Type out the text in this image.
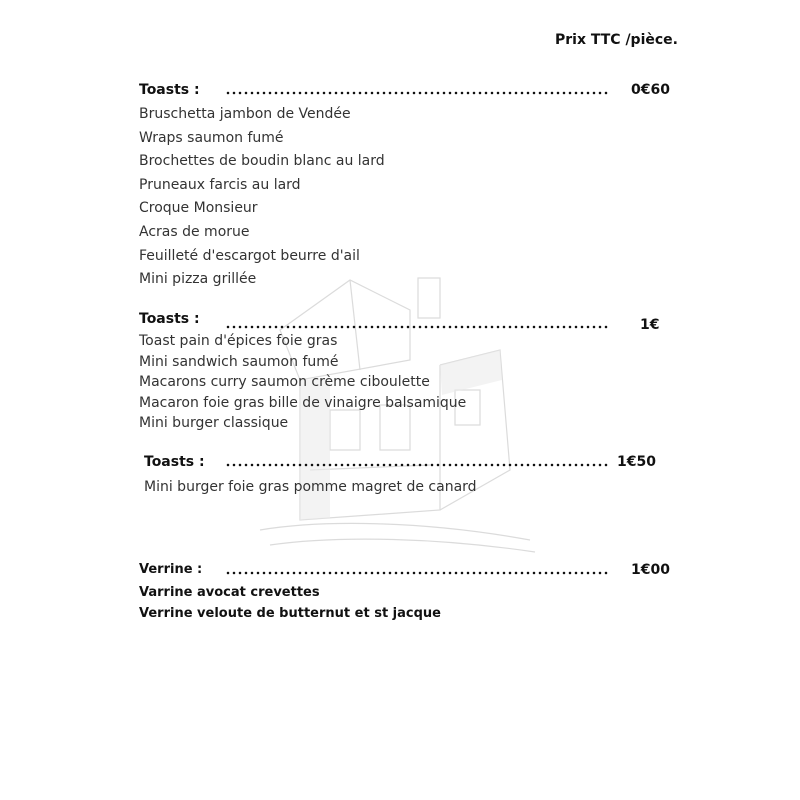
Prix TTC /pièce.
Toasts :	0€60
Bruschetta jambon de Vendée
Wraps saumon fumé
Brochettes de boudin blanc au lard
Pruneaux farcis au lard
Croque Monsieur
Acras de morue
Feuilleté d'escargot beurre d'ail
Mini pizza grillée
Toasts :	1€
Toast pain d'épices foie gras
Mini sandwich saumon fumé
Macarons curry saumon crème ciboulette
Macaron foie gras bille de vinaigre balsamique
Mini burger classique
Toasts :	1€50
Mini burger foie gras pomme magret de canard
Verrine :	1€00
Varrine avocat crevettes
Verrine veloute de butternut et st jacque
